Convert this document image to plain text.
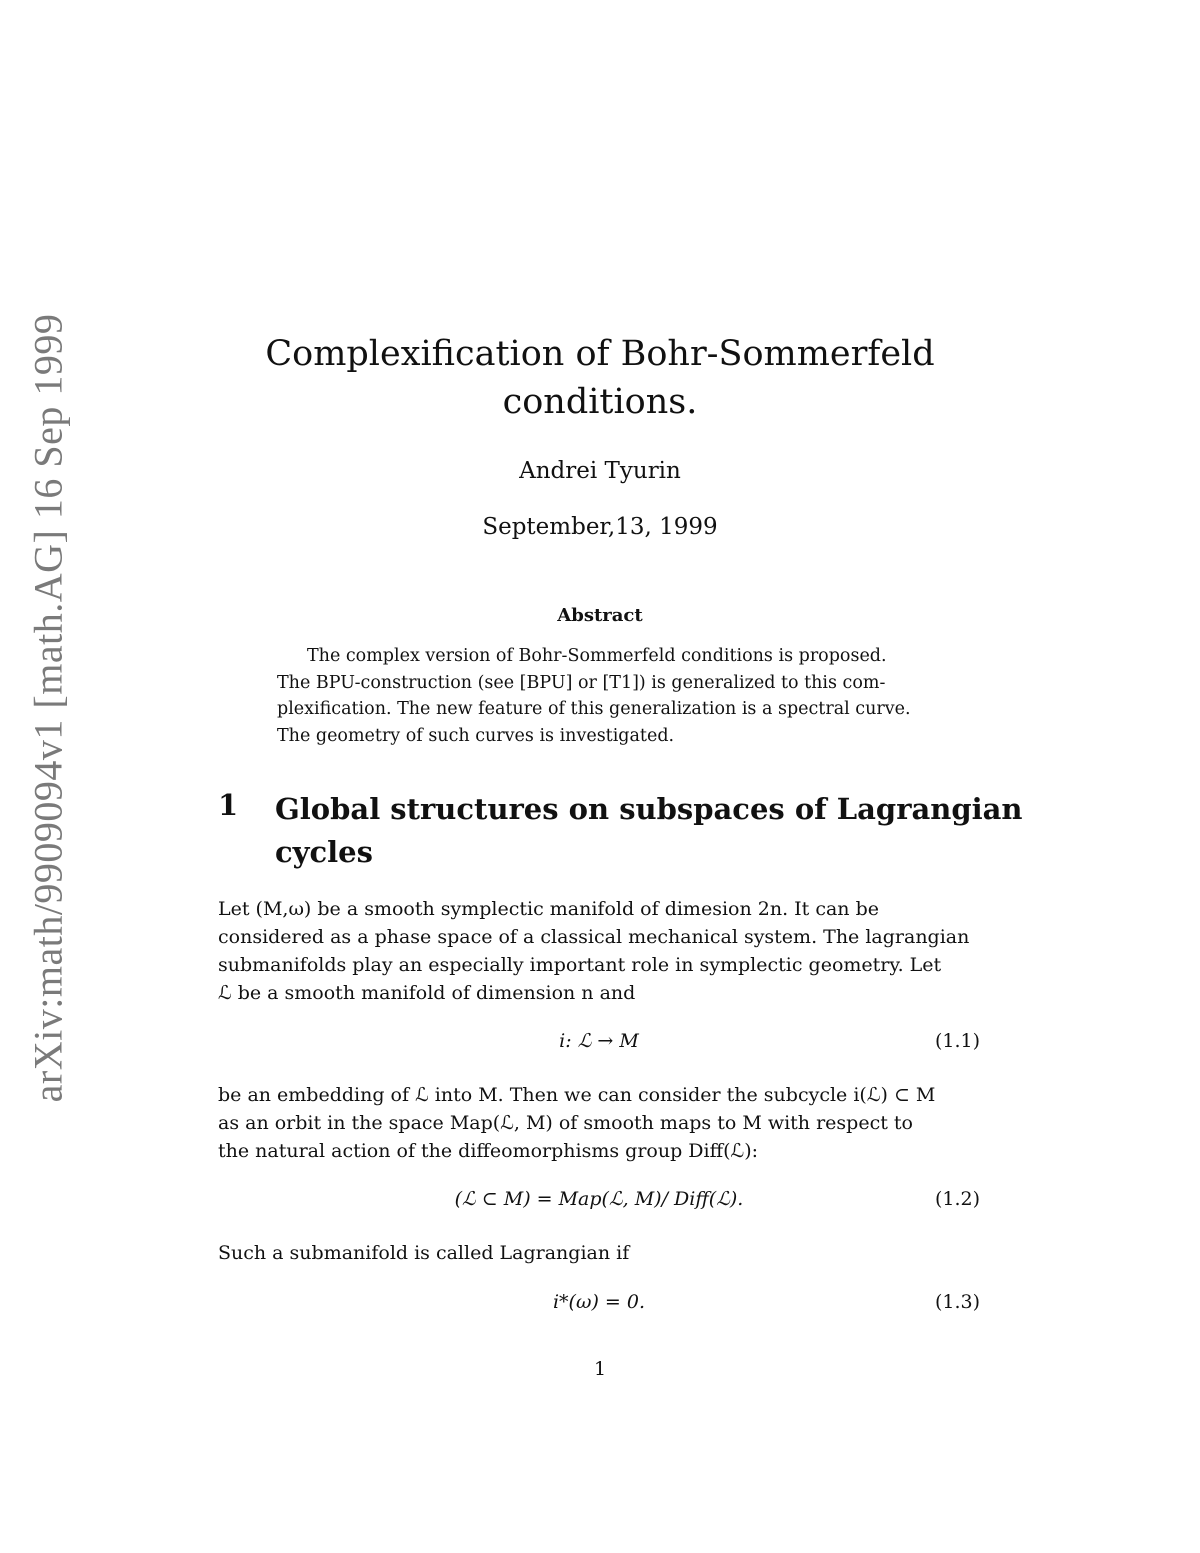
arXiv:math/9909094v1 [math.AG] 16 Sep 1999	Complexification of Bohr-Sommerfeld
conditions.
Andrei Tyurin
September,13, 1999
Abstract
The complex version of Bohr-Sommerfeld conditions is proposed.
The BPU-construction (see [BPU] or [T1]) is generalized to this com-
plexification. The new feature of this generalization is a spectral curve.
The geometry of such curves is investigated.
1 Global structures on subspaces of Lagrangian
cycles
Let (M,ω) be a smooth symplectic manifold of dimesion 2n. It can be
considered as a phase space of a classical mechanical system. The lagrangian
submanifolds play an especially important role in symplectic geometry. Let
ℒ be a smooth manifold of dimension n and
i: ℒ → M	(1.1)
be an embedding of ℒ into M. Then we can consider the subcycle i(ℒ) ⊂ M
as an orbit in the space Map(ℒ, M) of smooth maps to M with respect to
the natural action of the diffeomorphisms group Diff(ℒ):
(ℒ ⊂ M) = Map(ℒ, M)/ Diff(ℒ).	(1.2)
Such a submanifold is called Lagrangian if
i*(ω) = 0.	(1.3)
1
